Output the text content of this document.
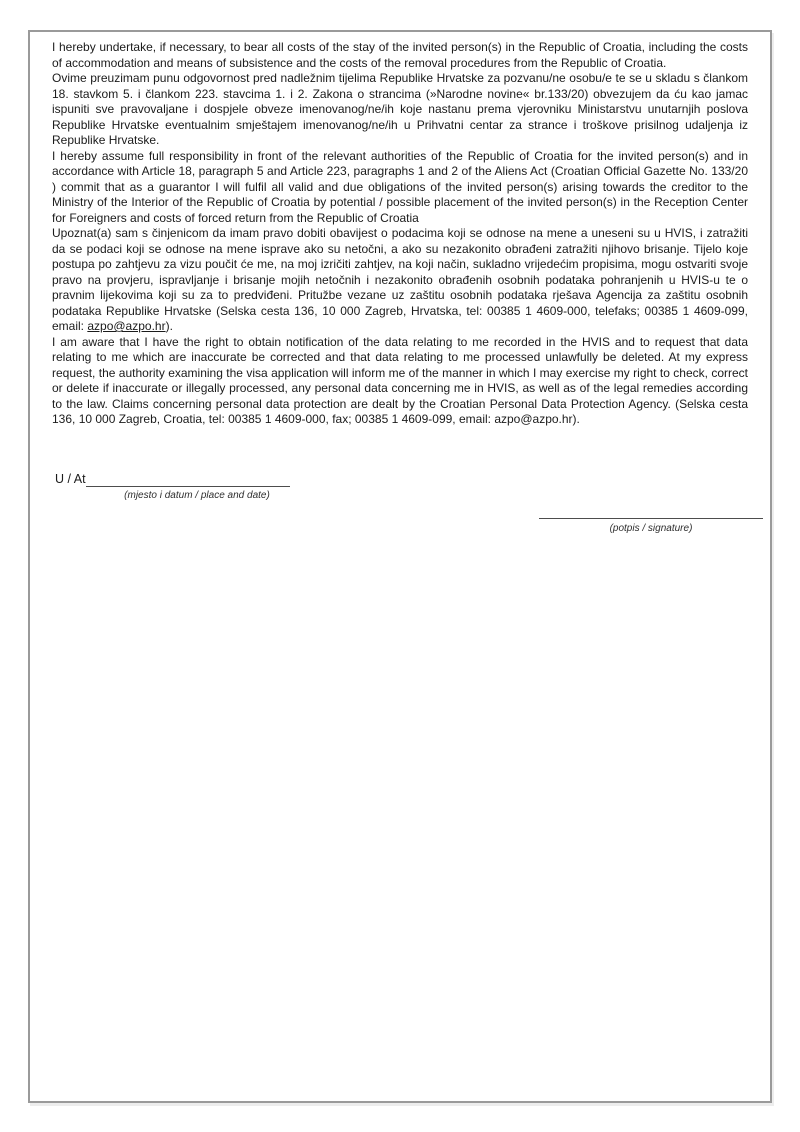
I hereby undertake, if necessary, to bear all costs of the stay of the invited person(s) in the Republic of Croatia, including the costs of accommodation and means of subsistence and the costs of the removal procedures from the Republic of Croatia.

Ovime preuzimam punu odgovornost pred nadležnim tijelima Republike Hrvatske za pozvanu/ne osobu/e te se u skladu s člankom 18. stavkom 5. i člankom 223. stavcima 1. i 2. Zakona o strancima (»Narodne novine« br.133/20) obvezujem da ću kao jamac ispuniti sve pravovaljane i dospjele obveze imenovanog/ne/ih koje nastanu prema vjerovniku Ministarstvu unutarnjih poslova Republike Hrvatske eventualnim smještajem imenovanog/ne/ih u Prihvatni centar za strance i troškove prisilnog udaljenja iz Republike Hrvatske.

I hereby assume full responsibility in front of the relevant authorities of the Republic of Croatia for the invited person(s) and in accordance with Article 18, paragraph 5 and Article 223, paragraphs 1 and 2 of the Aliens Act (Croatian Official Gazette No. 133/20 ) commit that as a guarantor I will fulfil all valid and due obligations of the invited person(s) arising towards the creditor to the Ministry of the Interior of the Republic of Croatia by potential / possible placement of the invited person(s) in the Reception Center for Foreigners and costs of forced return from the Republic of Croatia

Upoznat(a) sam s činjenicom da imam pravo dobiti obavijest o podacima koji se odnose na mene a uneseni su u HVIS, i zatražiti da se podaci koji se odnose na mene isprave ako su netočni, a ako su nezakonito obrađeni zatražiti njihovo brisanje. Tijelo koje postupa po zahtjevu za vizu poučit će me, na moj izričiti zahtjev, na koji način, sukladno vrijedećim propisima, mogu ostvariti svoje pravo na provjeru, ispravljanje i brisanje mojih netočnih i nezakonito obrađenih osobnih podataka pohranjenih u HVIS-u te o pravnim lijekovima koji su za to predviđeni. Pritužbe vezane uz zaštitu osobnih podataka rješava Agencija za zaštitu osobnih podataka Republike Hrvatske (Selska cesta 136, 10 000 Zagreb, Hrvatska, tel: 00385 1 4609-000, telefaks; 00385 1 4609-099, email: azpo@azpo.hr).

I am aware that I have the right to obtain notification of the data relating to me recorded in the HVIS and to request that data relating to me which are inaccurate be corrected and that data relating to me processed unlawfully be deleted. At my express request, the authority examining the visa application will inform me of the manner in which I may exercise my right to check, correct or delete if inaccurate or illegally processed, any personal data concerning me in HVIS, as well as of the legal remedies according to the law. Claims concerning personal data protection are dealt by the Croatian Personal Data Protection Agency. (Selska cesta 136, 10 000 Zagreb, Croatia, tel: 00385 1 4609-000, fax; 00385 1 4609-099, email: azpo@azpo.hr).

U / At
(mjesto i datum / place and date)
(potpis / signature)
